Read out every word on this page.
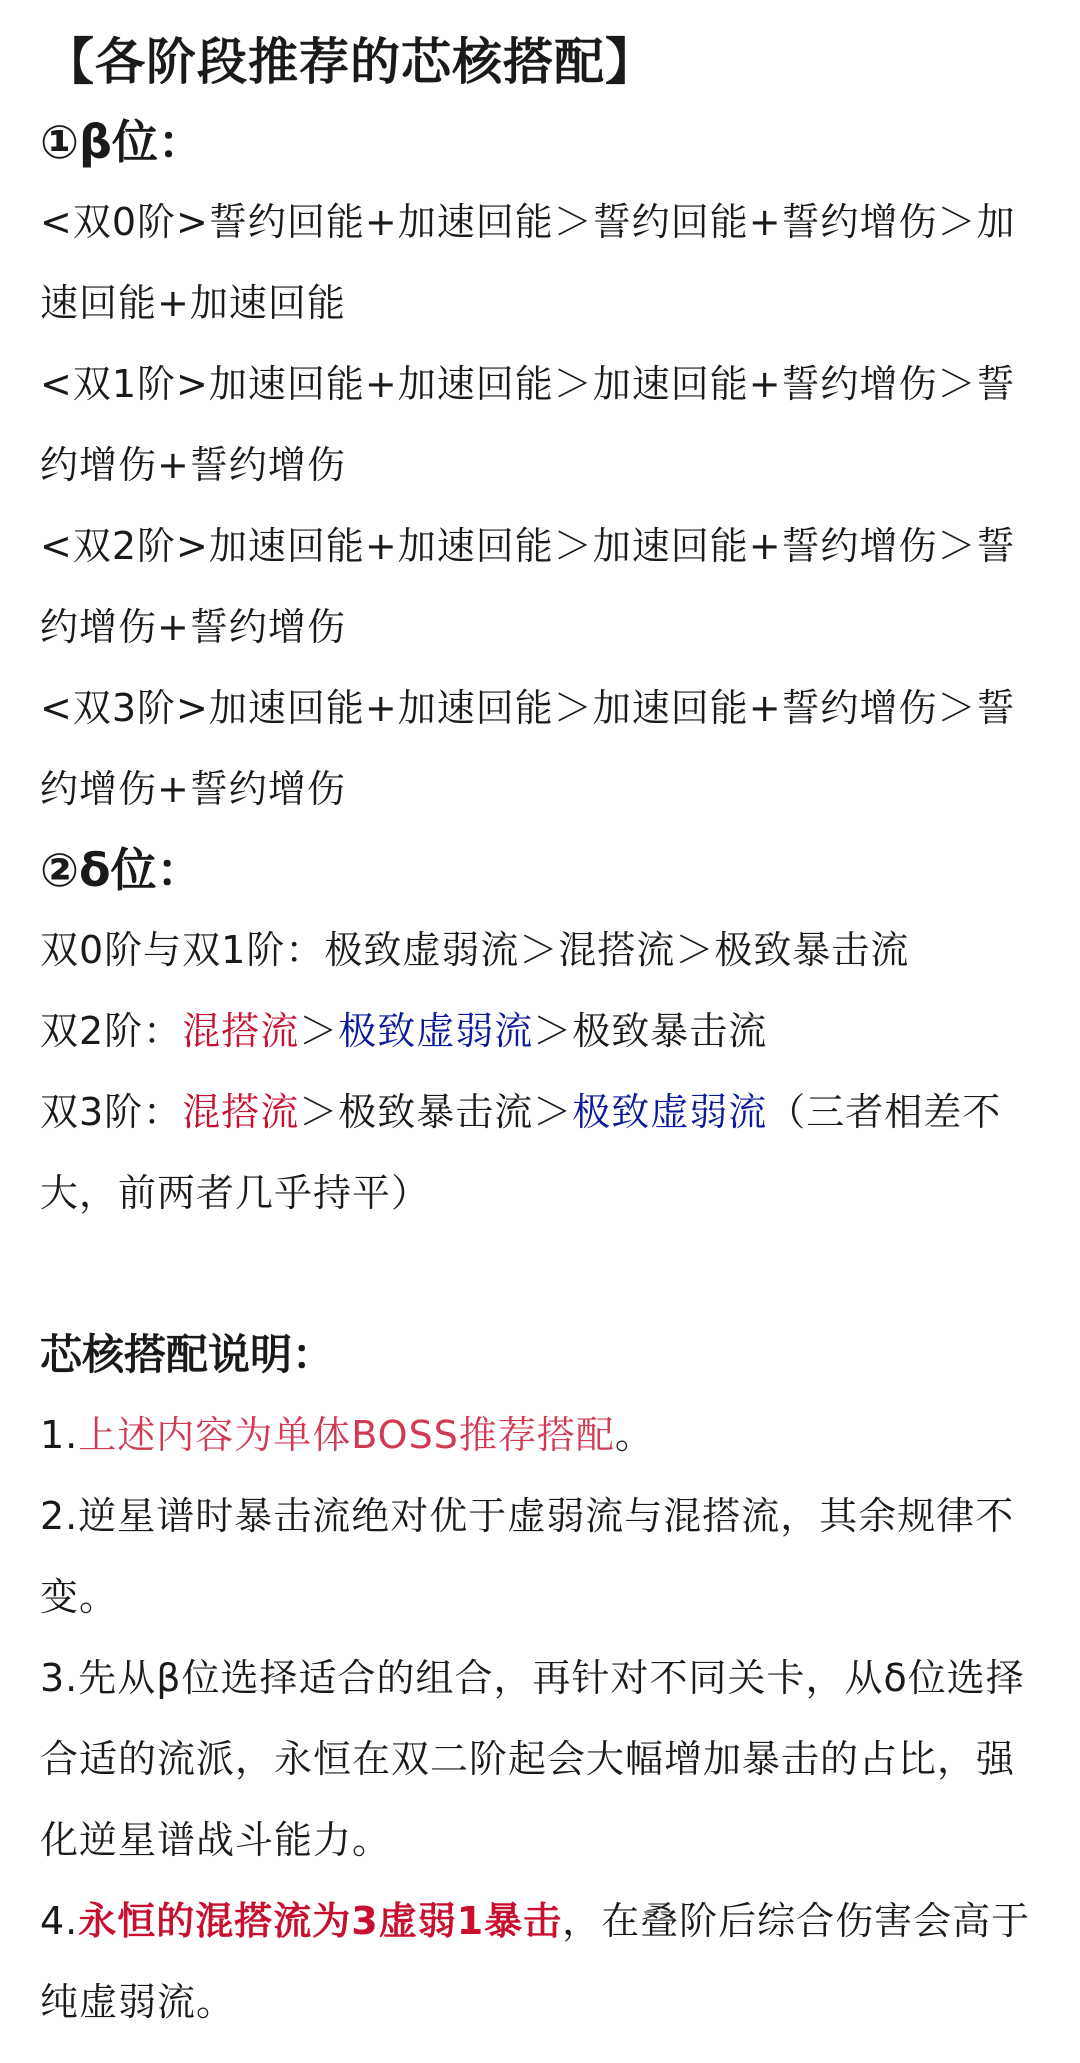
【各阶段推荐的芯核搭配】

①β位：

<双0阶>誓约回能+加速回能＞誓约回能+誓约增伤＞加速回能+加速回能

<双1阶>加速回能+加速回能＞加速回能+誓约增伤＞誓约增伤+誓约增伤

<双2阶>加速回能+加速回能＞加速回能+誓约增伤＞誓约增伤+誓约增伤

<双3阶>加速回能+加速回能＞加速回能+誓约增伤＞誓约增伤+誓约增伤

②δ位：

双0阶与双1阶：极致虚弱流＞混搭流＞极致暴击流

双2阶：混搭流＞极致虚弱流＞极致暴击流

双3阶：混搭流＞极致暴击流＞极致虚弱流（三者相差不大，前两者几乎持平）

芯核搭配说明：

1.上述内容为单体BOSS推荐搭配。

2.逆星谱时暴击流绝对优于虚弱流与混搭流，其余规律不变。

3.先从β位选择适合的组合，再针对不同关卡，从δ位选择合适的流派，永恒在双二阶起会大幅增加暴击的占比，强化逆星谱战斗能力。

4.永恒的混搭流为3虚弱1暴击，在叠阶后综合伤害会高于纯虚弱流。
